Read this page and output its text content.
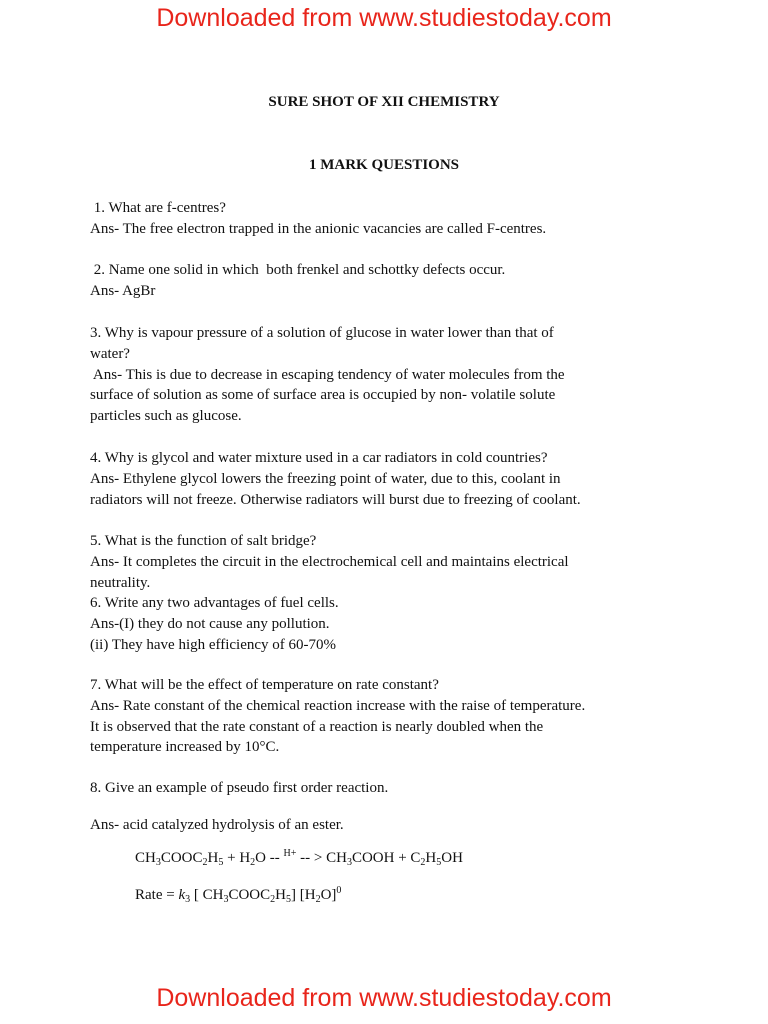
Downloaded from www.studiestoday.com
SURE SHOT OF XII CHEMISTRY
1 MARK QUESTIONS
1. What are f-centres?
Ans- The free electron trapped in the anionic vacancies are called F-centres.
2. Name one solid in which  both frenkel and schottky defects occur.
Ans- AgBr
3. Why is vapour pressure of a solution of glucose in water lower than that of
water?
Ans- This is due to decrease in escaping tendency of water molecules from the
surface of solution as some of surface area is occupied by non- volatile solute
particles such as glucose.
4. Why is glycol and water mixture used in a car radiators in cold countries?
Ans- Ethylene glycol lowers the freezing point of water, due to this, coolant in
radiators will not freeze. Otherwise radiators will burst due to freezing of coolant.
5. What is the function of salt bridge?
Ans- It completes the circuit in the electrochemical cell and maintains electrical
neutrality.
6. Write any two advantages of fuel cells.
Ans-(I) they do not cause any pollution.
(ii) They have high efficiency of 60-70%
7. What will be the effect of temperature on rate constant?
Ans- Rate constant of the chemical reaction increase with the raise of temperature.
It is observed that the rate constant of a reaction is nearly doubled when the
temperature increased by 10°C.
8. Give an example of pseudo first order reaction.
Ans- acid catalyzed hydrolysis of an ester.
$CH_3COOC_2H_5 + H_2O -- ^{H+}$ -- > $CH_3COOH + C_2H_5OH$
Rate = $k_3$ [ $CH_3COOC_2H_5$] $[H_2O]^0$
Downloaded from www.studiestoday.com
